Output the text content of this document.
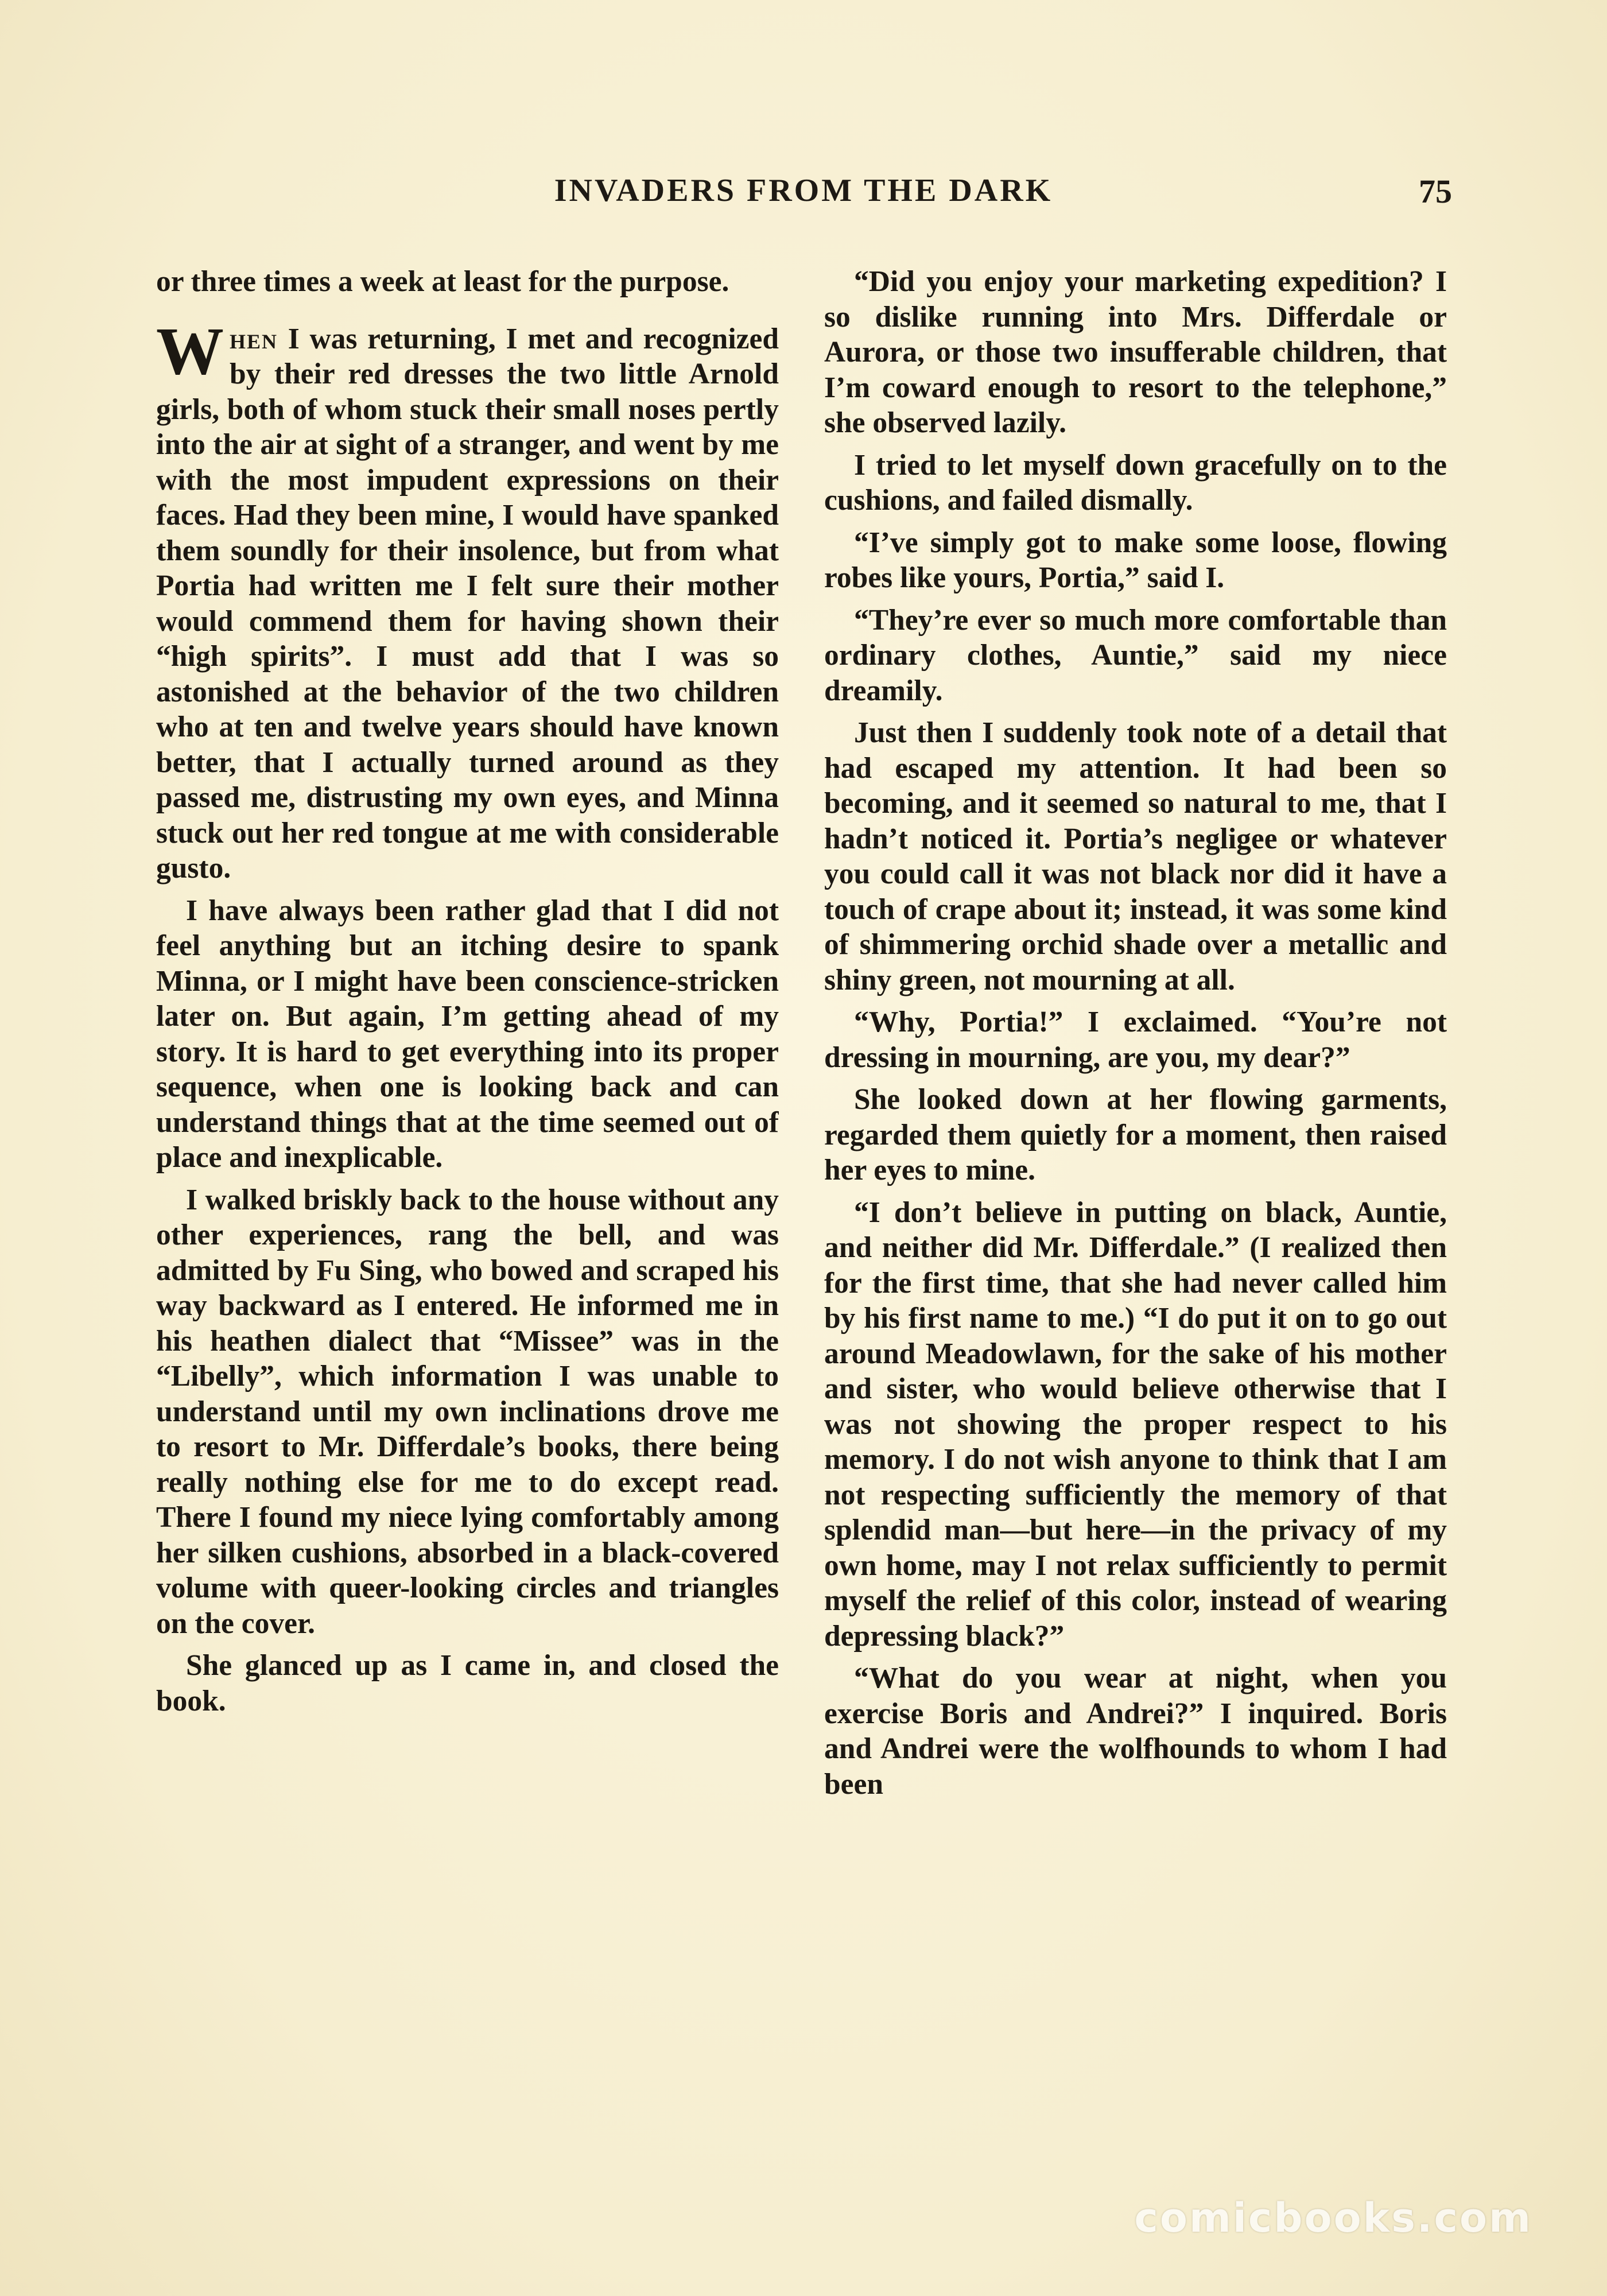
INVADERS FROM THE DARK	75

or three times a week at least for the purpose.

When I was returning, I met and recognized by their red dresses the two little Arnold girls, both of whom stuck their small noses pertly into the air at sight of a stranger, and went by me with the most impudent expressions on their faces. Had they been mine, I would have spanked them soundly for their insolence, but from what Portia had written me I felt sure their mother would commend them for having shown their “high spirits”. I must add that I was so astonished at the behavior of the two children who at ten and twelve years should have known better, that I actually turned around as they passed me, distrusting my own eyes, and Minna stuck out her red tongue at me with considerable gusto.

I have always been rather glad that I did not feel anything but an itching desire to spank Minna, or I might have been conscience-stricken later on. But again, I’m getting ahead of my story. It is hard to get everything into its proper sequence, when one is looking back and can understand things that at the time seemed out of place and inexplicable.

I walked briskly back to the house without any other experiences, rang the bell, and was admitted by Fu Sing, who bowed and scraped his way backward as I entered. He informed me in his heathen dialect that “Missee” was in the “Libelly”, which information I was unable to understand until my own inclinations drove me to resort to Mr. Differdale’s books, there being really nothing else for me to do except read. There I found my niece lying comfortably among her silken cushions, absorbed in a black-covered volume with queer-looking circles and triangles on the cover.

She glanced up as I came in, and closed the book.

“Did you enjoy your marketing expedition? I so dislike running into Mrs. Differdale or Aurora, or those two insufferable children, that I’m coward enough to resort to the telephone,” she observed lazily.

I tried to let myself down gracefully on to the cushions, and failed dismally.

“I’ve simply got to make some loose, flowing robes like yours, Portia,” said I.

“They’re ever so much more comfortable than ordinary clothes, Auntie,” said my niece dreamily.

Just then I suddenly took note of a detail that had escaped my attention. It had been so becoming, and it seemed so natural to me, that I hadn’t noticed it. Portia’s negligee or whatever you could call it was not black nor did it have a touch of crape about it; instead, it was some kind of shimmering orchid shade over a metallic and shiny green, not mourning at all.

“Why, Portia!” I exclaimed. “You’re not dressing in mourning, are you, my dear?”

She looked down at her flowing garments, regarded them quietly for a moment, then raised her eyes to mine.

“I don’t believe in putting on black, Auntie, and neither did Mr. Differdale.” (I realized then for the first time, that she had never called him by his first name to me.) “I do put it on to go out around Meadowlawn, for the sake of his mother and sister, who would believe otherwise that I was not showing the proper respect to his memory. I do not wish anyone to think that I am not respecting sufficiently the memory of that splendid man—but here—in the privacy of my own home, may I not relax sufficiently to permit myself the relief of this color, instead of wearing depressing black?”

“What do you wear at night, when you exercise Boris and Andrei?” I inquired. Boris and Andrei were the wolfhounds to whom I had been

comicbooks.com
